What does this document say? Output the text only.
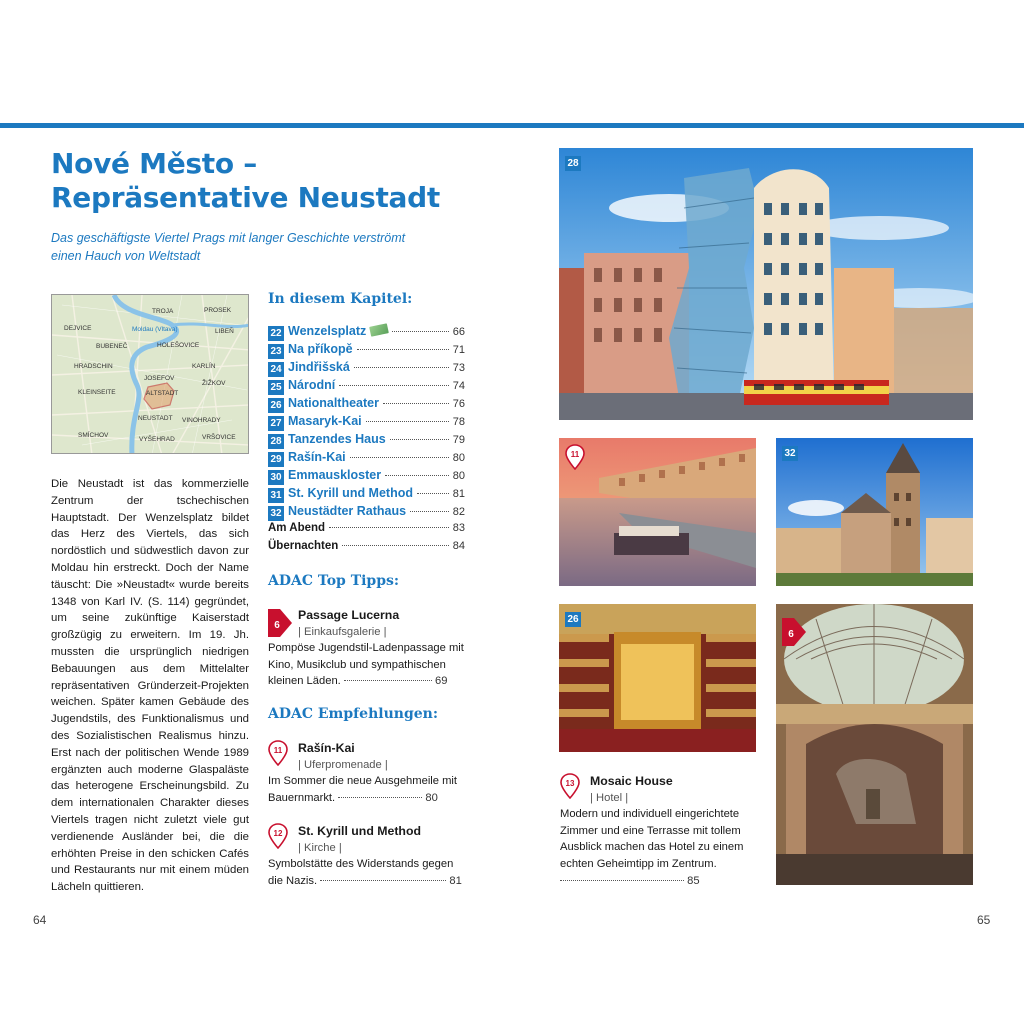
Nové Město –
Repräsentative Neustadt
Das geschäftigste Viertel Prags mit langer Geschichte verströmt einen Hauch von Weltstadt
TROJA	PROSEK
DEJVICE	Moldau (Vltava)	LIBEŇ
BUBENEČ	HOLEŠOVICE
HRADSCHIN	KARLÍN
JOSEFOV
ŽIŽKOV
KLEINSEITE	ALTSTADT
NEUSTADT VINOHRADY
SMÍCHOV
VYŠEHRAD	VRŠOVICE
Die Neustadt ist das kommerzielle Zentrum der tschechischen Hauptstadt. Der Wenzelsplatz bildet das Herz des Viertels, das sich nordöstlich und südwestlich davon zur Moldau hin erstreckt. Doch der Name täuscht: Die »Neustadt« wurde bereits 1348 von Karl IV. (S. 114) gegründet, um seine zukünftige Kaiserstadt großzügig zu erweitern. Im 19. Jh. mussten die ursprünglich niedrigen Bebauungen aus dem Mittelalter repräsentativen Gründerzeit-Projekten weichen. Später kamen Gebäude des Jugendstils, des Funktionalismus und des Sozialistischen Realismus hinzu. Erst nach der politischen Wende 1989 ergänzten auch moderne Glaspaläste das heterogene Erscheinungsbild. Zu dem internationalen Charakter dieses Viertels tragen nicht zuletzt viele gut verdienende Ausländer bei, die die erhöhten Preise in den schicken Cafés und Restaurants nur mit einem müden Lächeln quittieren.
In diesem Kapitel:
22 Wenzelsplatz	66
23 Na příkopě	71
24 Jindřišská	73
25 Národní	74
26 Nationaltheater	76
27 Masaryk-Kai	78
28 Tanzendes Haus	79
29 Rašín-Kai	80
30 Emmauskloster	80
31 St. Kyrill und Method	81
32 Neustädter Rathaus	82
Am Abend	83
Übernachten	84
ADAC Top Tipps:
6
Passage Lucerna
| Einkaufsgalerie |
Pompöse Jugendstil-Ladenpassage mit Kino, Musikclub und sympathischen kleinen Läden.	69
ADAC Empfehlungen:
11 Rašín-Kai
| Uferpromenade |
Im Sommer die neue Ausgehmeile mit Bauernmarkt.	80
12 St. Kyrill und Method
| Kirche |
Symbolstätte des Widerstands gegen die Nazis.	81
64
28
11	32
26
6
13 Mosaic House
| Hotel |
Modern und individuell eingerichtete Zimmer und eine Terrasse mit tollem Ausblick machen das Hotel zu einem echten Geheimtipp im Zentrum.  85
65
